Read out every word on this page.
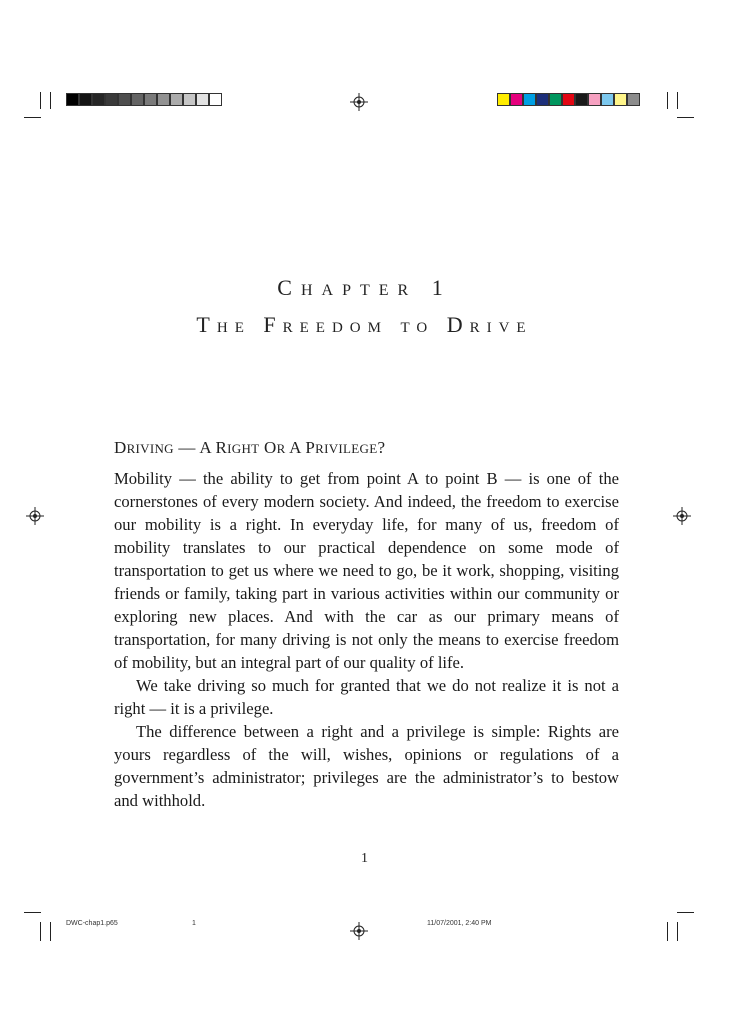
CHAPTER 1
THE FREEDOM TO DRIVE
DRIVING — A RIGHT OR A PRIVILEGE?

Mobility — the ability to get from point A to point B — is one of the cornerstones of every modern society. And indeed, the freedom to exercise our mobility is a right. In everyday life, for many of us, freedom of mobility translates to our practical dependence on some mode of transportation to get us where we need to go, be it work, shopping, visiting friends or family, taking part in various activities within our community or exploring new places. And with the car as our primary means of transportation, for many driving is not only the means to exercise freedom of mobility, but an integral part of our quality of life.

We take driving so much for granted that we do not realize it is not a right — it is a privilege.

The difference between a right and a privilege is simple: Rights are yours regardless of the will, wishes, opinions or regulations of a government’s administrator; privileges are the administrator’s to bestow and withhold.

1
DWC-chap1.p65	1	11/07/2001, 2:40 PM
